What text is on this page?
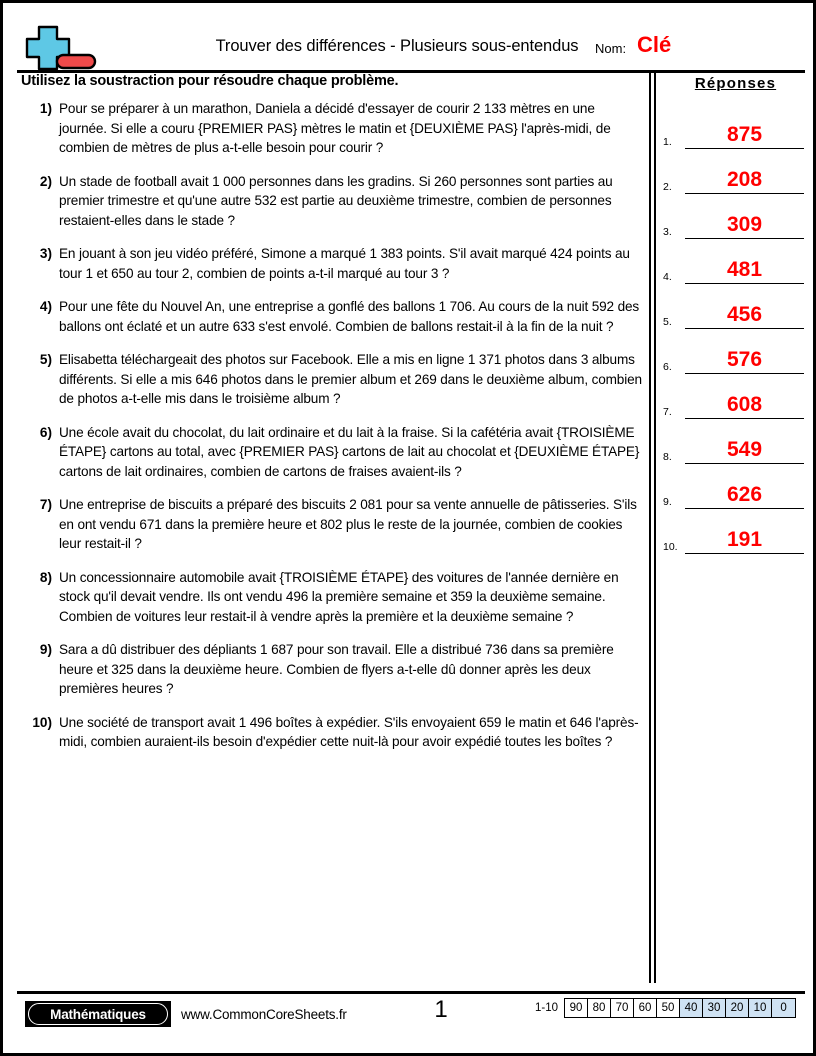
Trouver des différences - Plusieurs sous-entendus	Nom: Clé
Utilisez la soustraction pour résoudre chaque problème.
1) Pour se préparer à un marathon, Daniela a décidé d'essayer de courir 2 133 mètres en une journée. Si elle a couru {PREMIER PAS} mètres le matin et {DEUXIÈME PAS} l'après-midi, de combien de mètres de plus a-t-elle besoin pour courir ?
2) Un stade de football avait 1 000 personnes dans les gradins. Si 260 personnes sont parties au premier trimestre et qu'une autre 532 est partie au deuxième trimestre, combien de personnes restaient-elles dans le stade ?
3) En jouant à son jeu vidéo préféré, Simone a marqué 1 383 points. S'il avait marqué 424 points au tour 1 et 650 au tour 2, combien de points a-t-il marqué au tour 3 ?
4) Pour une fête du Nouvel An, une entreprise a gonflé des ballons 1 706. Au cours de la nuit 592 des ballons ont éclaté et un autre 633 s'est envolé. Combien de ballons restait-il à la fin de la nuit ?
5) Elisabetta téléchargeait des photos sur Facebook. Elle a mis en ligne 1 371 photos dans 3 albums différents. Si elle a mis 646 photos dans le premier album et 269 dans le deuxième album, combien de photos a-t-elle mis dans le troisième album ?
6) Une école avait du chocolat, du lait ordinaire et du lait à la fraise. Si la cafétéria avait {TROISIÈME ÉTAPE} cartons au total, avec {PREMIER PAS} cartons de lait au chocolat et {DEUXIÈME ÉTAPE} cartons de lait ordinaires, combien de cartons de fraises avaient-ils ?
7) Une entreprise de biscuits a préparé des biscuits 2 081 pour sa vente annuelle de pâtisseries. S'ils en ont vendu 671 dans la première heure et 802 plus le reste de la journée, combien de cookies leur restait-il ?
8) Un concessionnaire automobile avait {TROISIÈME ÉTAPE} des voitures de l'année dernière en stock qu'il devait vendre. Ils ont vendu 496 la première semaine et 359 la deuxième semaine. Combien de voitures leur restait-il à vendre après la première et la deuxième semaine ?
9) Sara a dû distribuer des dépliants 1 687 pour son travail. Elle a distribué 736 dans sa première heure et 325 dans la deuxième heure. Combien de flyers a-t-elle dû donner après les deux premières heures ?
10) Une société de transport avait 1 496 boîtes à expédier. S'ils envoyaient 659 le matin et 646 l'après-midi, combien auraient-ils besoin d'expédier cette nuit-là pour avoir expédié toutes les boîtes ?
Réponses
1.	875
2.	208
3.	309
4.	481
5.	456
6.	576
7.	608
8.	549
9.	626
10.	191
Mathématiques	www.CommonCoreSheets.fr	1	1-10	90 80 70 60 50 40 30 20 10	0
